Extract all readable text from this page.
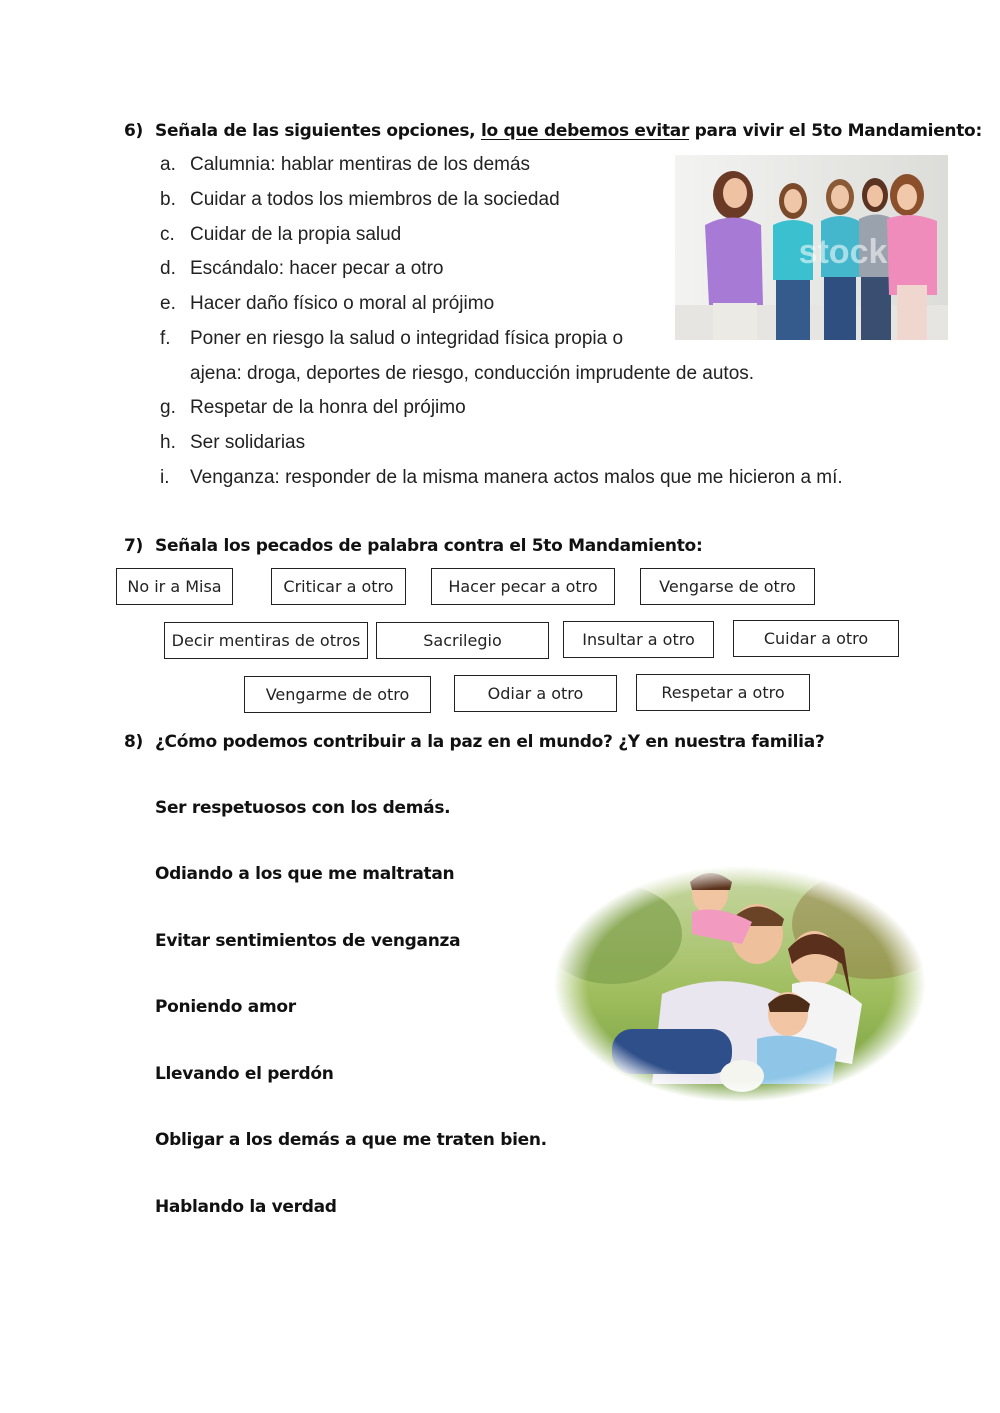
6) Señala de las siguientes opciones, lo que debemos evitar para vivir el 5to Mandamiento:
a. Calumnia: hablar mentiras de los demás
b. Cuidar a todos los miembros de la sociedad
c. Cuidar de la propia salud
d. Escándalo: hacer pecar a otro
e. Hacer daño físico o moral al prójimo
f. Poner en riesgo la salud o integridad física propia o
ajena: droga, deportes de riesgo, conducción imprudente de autos.
g. Respetar de la honra del prójimo
h. Ser solidarias
i. Venganza: responder de la misma manera actos malos que me hicieron a mí.
stock
7) Señala los pecados de palabra contra el 5to Mandamiento:
No ir a Misa	Criticar a otro	Hacer pecar a otro	Vengarse de otro
Decir mentiras de otros	Sacrilegio	Insultar a otro	Cuidar a otro
Vengarme de otro	Odiar a otro	Respetar a otro
8) ¿Cómo podemos contribuir a la paz en el mundo? ¿Y en nuestra familia?
Ser respetuosos con los demás.
Odiando a los que me maltratan
Evitar sentimientos de venganza
Poniendo amor
Llevando el perdón
Obligar a los demás a que me traten bien.
Hablando la verdad
